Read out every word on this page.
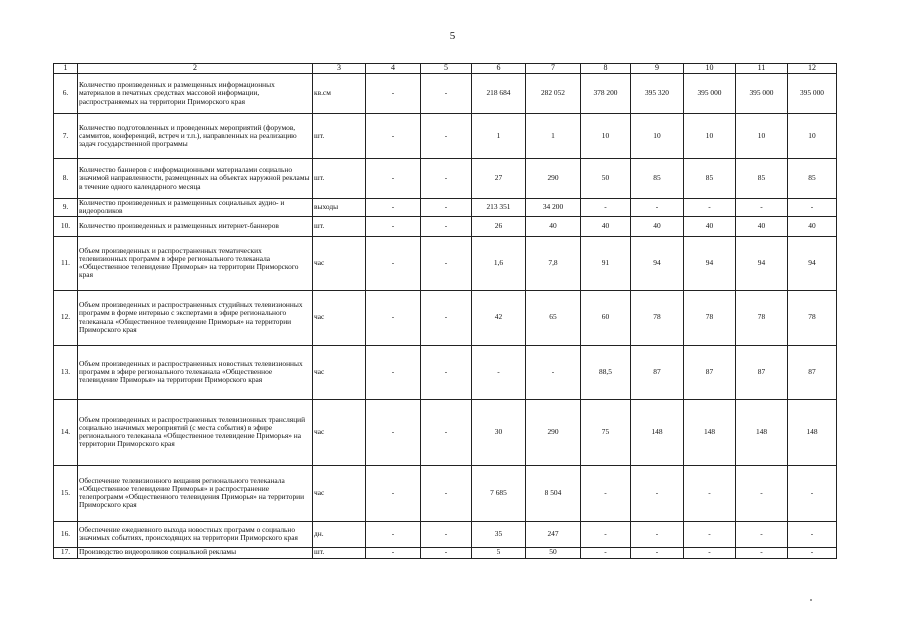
5
1	2	3	4	5	6	7	8	9	10	11	12
6.	Количество произведенных и размещенных информационных материалов в печатных средствах массовой информации, распространяемых на территории Приморского края	кв.см	-	-	218 684	282 052	378 200	395 320	395 000	395 000	395 000
7.	Количество подготовленных и проведенных мероприятий (форумов, саммитов, конференций, встреч и т.п.), направленных на реализацию задач государственной программы	шт.	-	-	1	1	10	10	10	10	10
8.	Количество баннеров с информационными материалами социально значимой направленности, размещенных на объектах наружной рекламы в течение одного календарного месяца	шт.	-	-	27	290	50	85	85	85	85
9.	Количество произведенных и размещенных социальных аудио- и видеороликов	выходы	-	-	213 351	34 200	-	-	-	-	-
10.	Количество произведенных и размещенных интернет-баннеров	шт.	-	-	26	40	40	40	40	40	40
11.	Объем произведенных и распространенных тематических телевизионных программ в эфире регионального телеканала «Общественное телевидение Приморья» на территории Приморского края	час	-	-	1,6	7,8	91	94	94	94	94
12.	Объем произведенных и распространенных студийных телевизионных программ в форме интервью с экспертами в эфире регионального телеканала «Общественное телевидение Приморья» на территории Приморского края	час	-	-	42	65	60	78	78	78	78
13.	Объем произведенных и распространенных новостных телевизионных программ в эфире регионального телеканала «Общественное телевидение Приморья» на территории Приморского края	час	-	-	-	-	88,5	87	87	87	87
14.	Объем произведенных и распространенных телевизионных трансляций социально значимых мероприятий (с места события) в эфире регионального телеканала «Общественное телевидение Приморья» на территории Приморского края	час	-	-	30	290	75	148	148	148	148
15.	Обеспечение телевизионного вещания регионального телеканала «Общественное телевидение Приморья» и распространение телепрограмм «Общественного телевидения Приморья» на территории Приморского края	час	-	-	7 685	8 504	-	-	-	-	-
16.	Обеспечение ежедневного выхода новостных программ о социально значимых событиях, происходящих на территории Приморского края	дн.	-	-	35	247	-	-	-	-	-
17.	Производство видеороликов социальной рекламы	шт.	-	-	5	50	-	-	-	-	-
